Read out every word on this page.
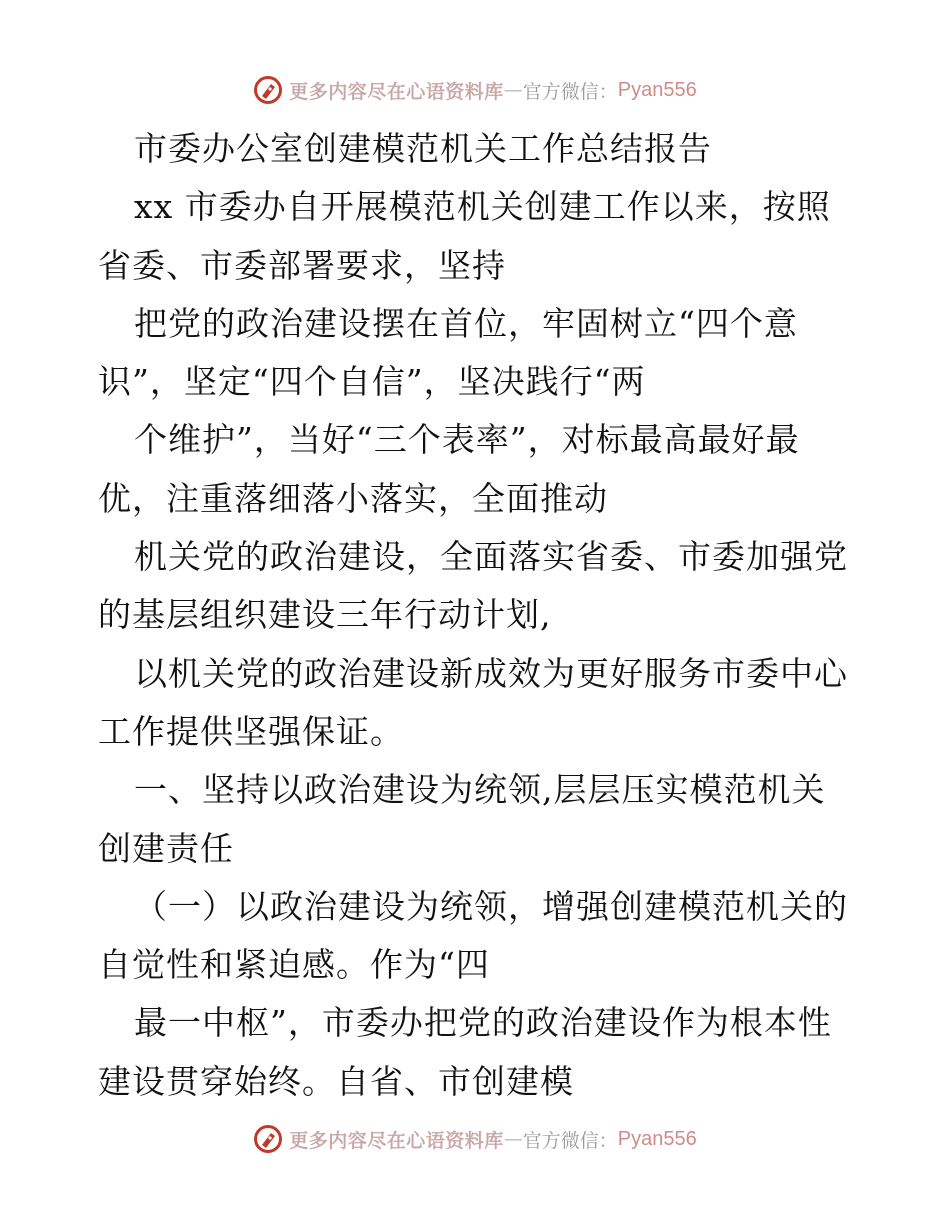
更多内容尽在心语资料库 — 官方微信： Pyan556
市委办公室创建模范机关工作总结报告
xx 市委办自开展模范机关创建工作以来，按照
省委、市委部署要求，坚持
把党的政治建设摆在首位，牢固树立“四个意
识”，坚定“四个自信”，坚决践行“两
个维护”，当好“三个表率”，对标最高最好最
优，注重落细落小落实，全面推动
机关党的政治建设，全面落实省委、市委加强党
的基层组织建设三年行动计划,
以机关党的政治建设新成效为更好服务市委中心
工作提供坚强保证。
一、坚持以政治建设为统领,层层压实模范机关
创建责任
（一）以政治建设为统领，增强创建模范机关的
自觉性和紧迫感。作为“四
最一中枢”，市委办把党的政治建设作为根本性
建设贯穿始终。自省、市创建模
更多内容尽在心语资料库 — 官方微信： Pyan556
